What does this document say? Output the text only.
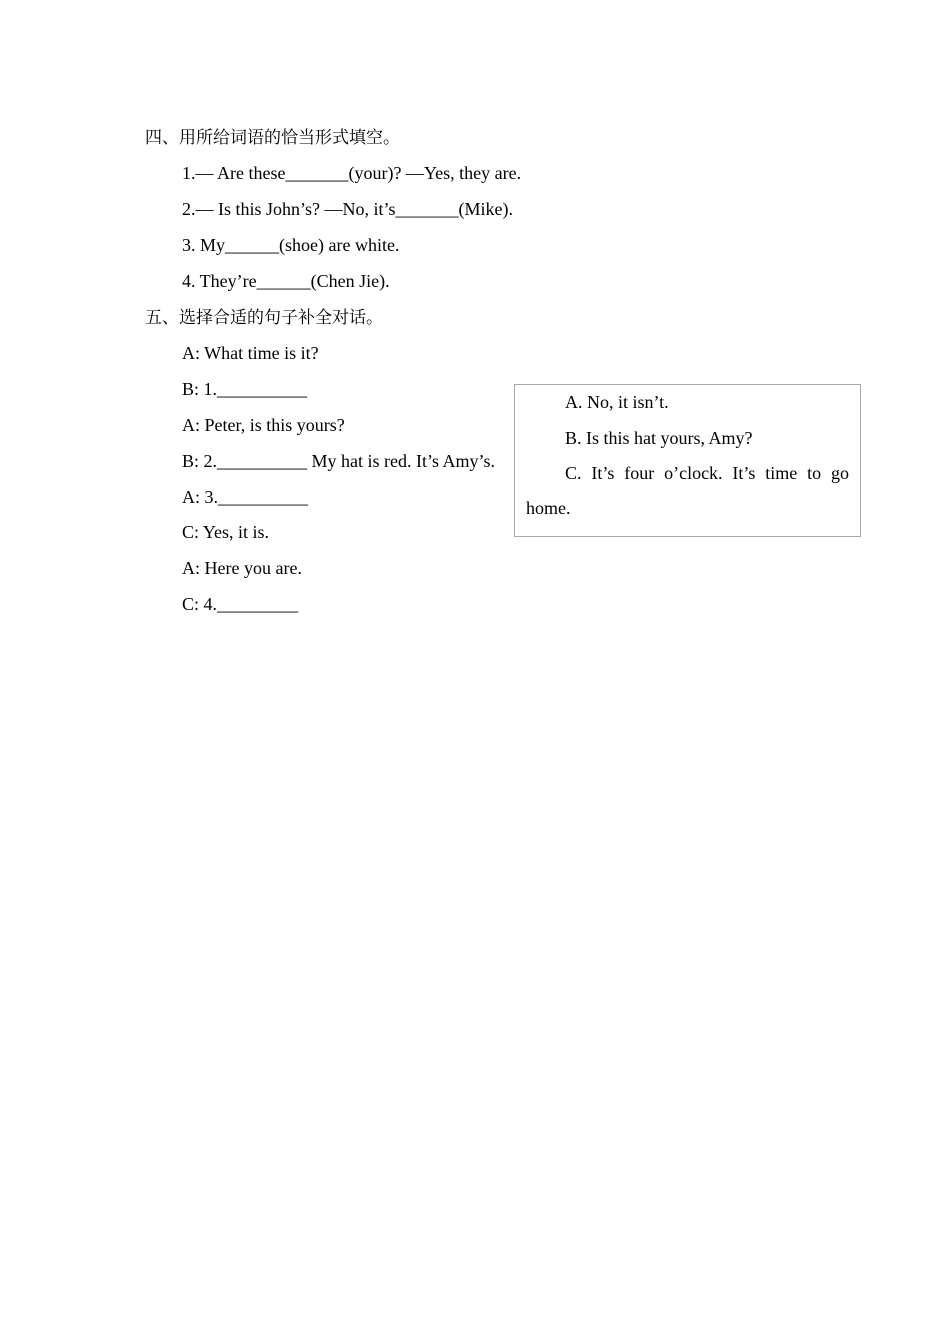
四、用所给词语的恰当形式填空。
1.— Are these_______(your)? —Yes, they are.
2.— Is this John’s? —No, it’s_______(Mike).
3. My______(shoe) are white.
4. They’re______(Chen Jie).
五、选择合适的句子补全对话。
A: What time is it?
B: 1.__________
A: Peter, is this yours?
B: 2.__________ My hat is red. It’s Amy’s.
A: 3.__________
C: Yes, it is.
A: Here you are.
C: 4._________
A. No, it isn’t.
B. Is this hat yours, Amy?
C. It’s four o’clock. It’s time to go
home.
